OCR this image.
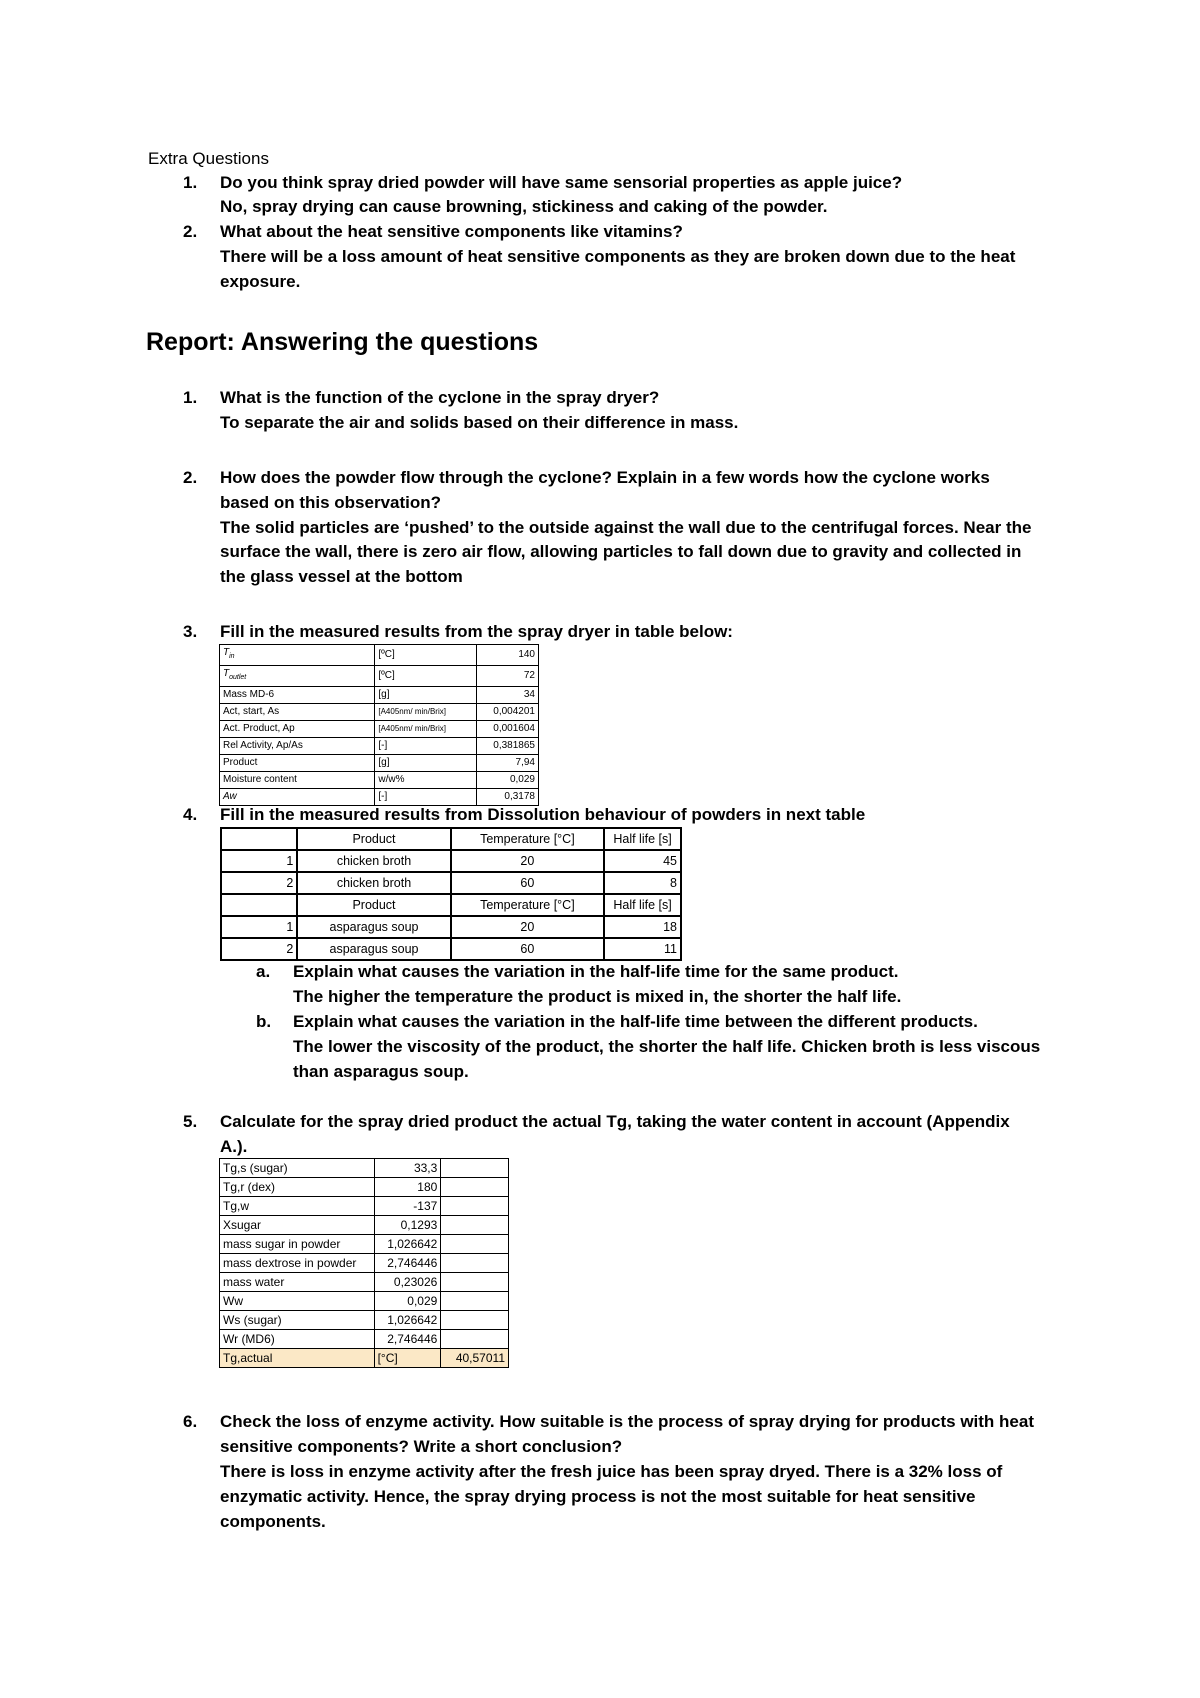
Extra Questions
1. Do you think spray dried powder will have same sensorial properties as apple juice?
No, spray drying can cause browning, stickiness and caking of the powder.
2. What about the heat sensitive components like vitamins?
There will be a loss amount of heat sensitive components as they are broken down due to the heat
exposure.
Report: Answering the questions
1. What is the function of the cyclone in the spray dryer?
To separate the air and solids based on their difference in mass.
2. How does the powder flow through the cyclone? Explain in a few words how the cyclone works
based on this observation?
The solid particles are ‘pushed’ to the outside against the wall due to the centrifugal forces. Near the
surface the wall, there is zero air flow, allowing particles to fall down due to gravity and collected in
the glass vessel at the bottom
3. Fill in the measured results from the spray dryer in table below:
$T_{in}$	[ºC]	140
$T_{outlet}$	[ºC]	72
Mass MD-6	[g]	34
Act, start, As	[A405nm/ min/Brix]	0,004201
Act. Product, Ap	[A405nm/ min/Brix]	0,001604
Rel Activity, Ap/As	[-]	0,381865
Product	[g]	7,94
Moisture content	w/w%	0,029
Aw	[-]	0,3178
4. Fill in the measured results from Dissolution behaviour of powders in next table
	Product	Temperature [°C]	Half life [s]
1	chicken broth	20	45
2	chicken broth	60	8
	Product	Temperature [°C]	Half life [s]
1	asparagus soup	20	18
2	asparagus soup	60	11
a. Explain what causes the variation in the half-life time for the same product.
The higher the temperature the product is mixed in, the shorter the half life.
b. Explain what causes the variation in the half-life time between the different products.
The lower the viscosity of the product, the shorter the half life. Chicken broth is less viscous
than asparagus soup.
5. Calculate for the spray dried product the actual Tg, taking the water content in account (Appendix
A.).
Tg,s (sugar)	33,3	
Tg,r (dex)	180	
Tg,w	-137	
Xsugar	0,1293	
mass sugar in powder	1,026642	
mass dextrose in powder	2,746446	
mass water	0,23026	
Ww	0,029	
Ws (sugar)	1,026642	
Wr (MD6)	2,746446	
Tg,actual	[°C]	40,57011
6. Check the loss of enzyme activity. How suitable is the process of spray drying for products with heat
sensitive components? Write a short conclusion?
There is loss in enzyme activity after the fresh juice has been spray dryed. There is a 32% loss of
enzymatic activity. Hence, the spray drying process is not the most suitable for heat sensitive
components.
